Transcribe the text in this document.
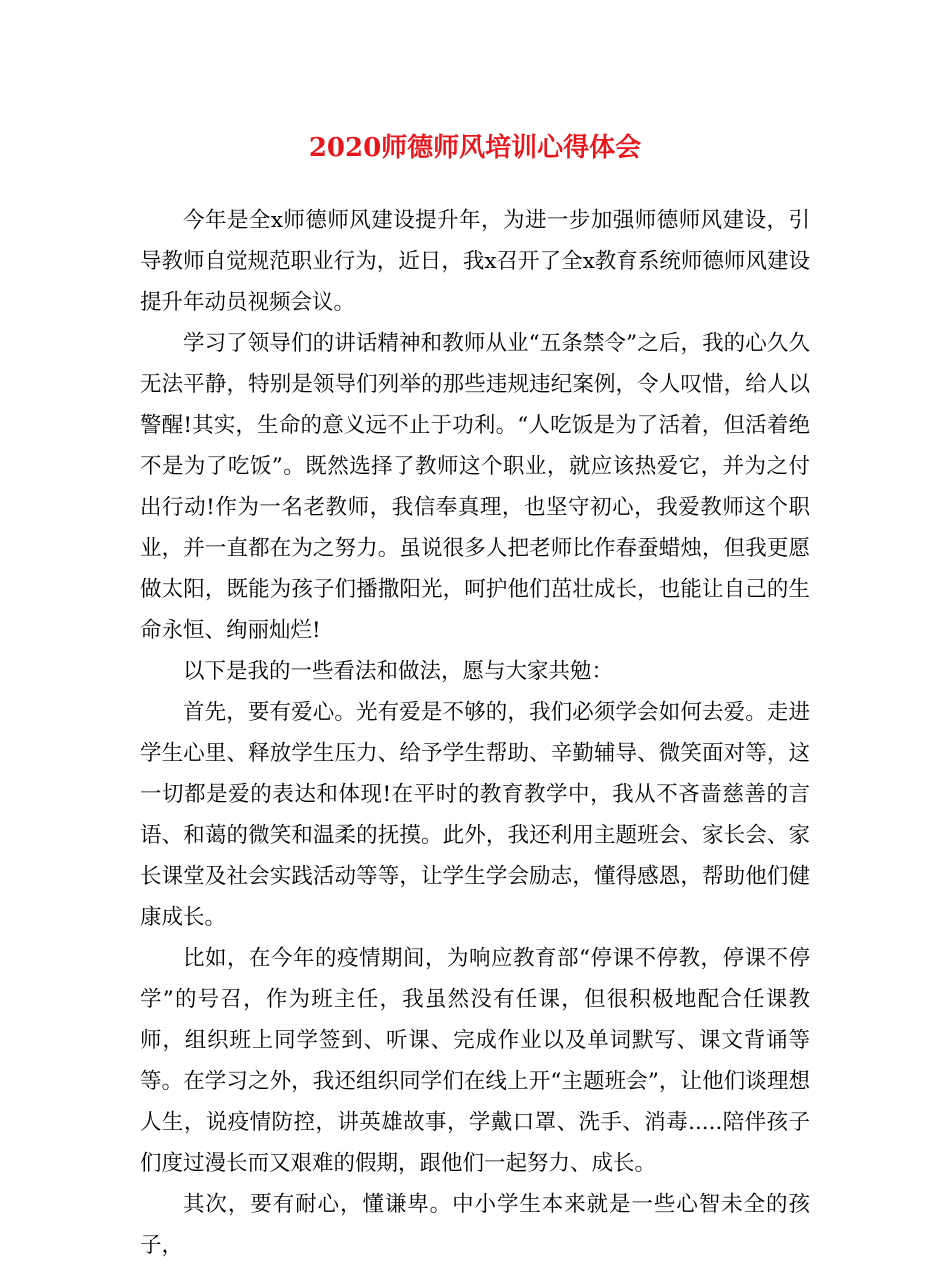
2020师德师风培训心得体会

今年是全x师德师风建设提升年，为进一步加强师德师风建设，引导教师自觉规范职业行为，近日，我x召开了全x教育系统师德师风建设提升年动员视频会议。

学习了领导们的讲话精神和教师从业“五条禁令”之后，我的心久久无法平静，特别是领导们列举的那些违规违纪案例，令人叹惜，给人以警醒!其实，生命的意义远不止于功利。“人吃饭是为了活着，但活着绝不是为了吃饭”。既然选择了教师这个职业，就应该热爱它，并为之付出行动!作为一名老教师，我信奉真理，也坚守初心，我爱教师这个职业，并一直都在为之努力。虽说很多人把老师比作春蚕蜡烛，但我更愿做太阳，既能为孩子们播撒阳光，呵护他们茁壮成长，也能让自己的生命永恒、绚丽灿烂!

以下是我的一些看法和做法，愿与大家共勉：

首先，要有爱心。光有爱是不够的，我们必须学会如何去爱。走进学生心里、释放学生压力、给予学生帮助、辛勤辅导、微笑面对等，这一切都是爱的表达和体现!在平时的教育教学中，我从不吝啬慈善的言语、和蔼的微笑和温柔的抚摸。此外，我还利用主题班会、家长会、家长课堂及社会实践活动等等，让学生学会励志，懂得感恩，帮助他们健康成长。

比如，在今年的疫情期间，为响应教育部“停课不停教，停课不停学”的号召，作为班主任，我虽然没有任课，但很积极地配合任课教师，组织班上同学签到、听课、完成作业以及单词默写、课文背诵等等。在学习之外，我还组织同学们在线上开“主题班会”，让他们谈理想人生，说疫情防控，讲英雄故事，学戴口罩、洗手、消毒.....陪伴孩子们度过漫长而又艰难的假期，跟他们一起努力、成长。

其次，要有耐心，懂谦卑。中小学生本来就是一些心智未全的孩子，
